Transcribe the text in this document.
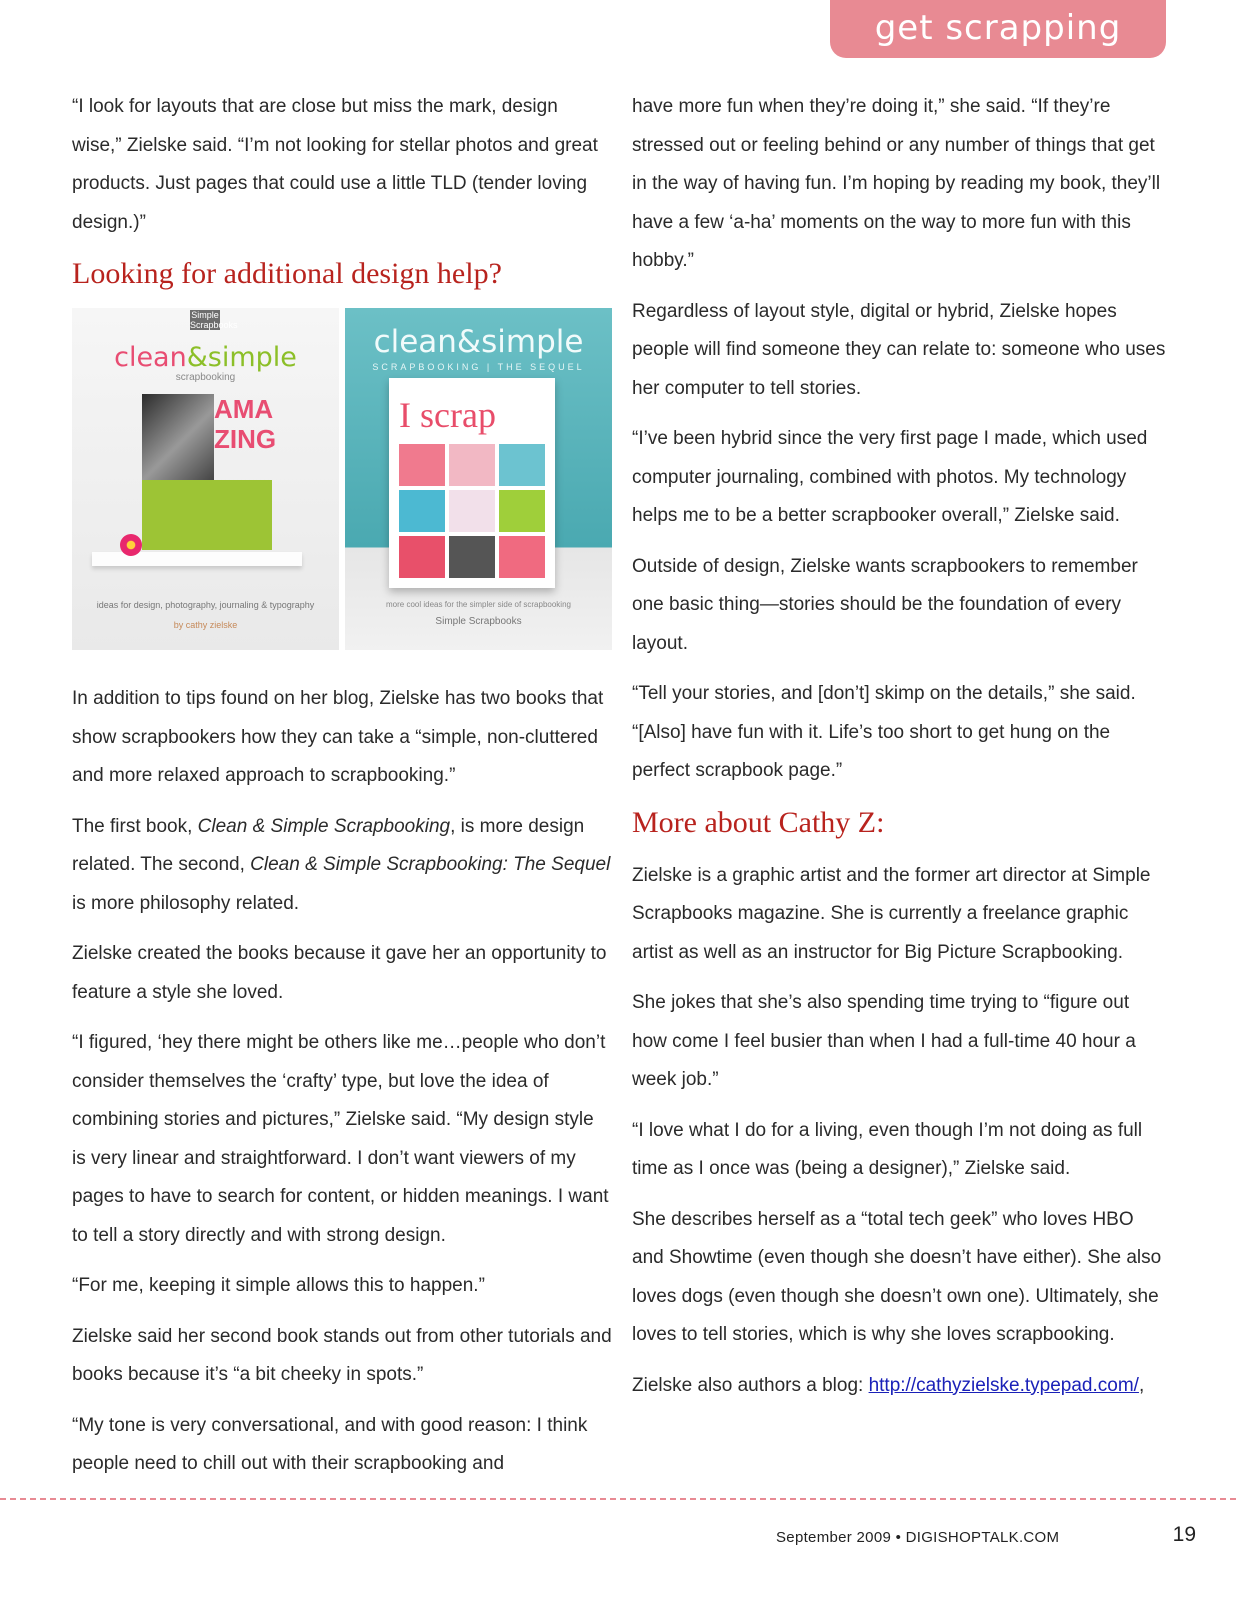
get scrapping

“I look for layouts that are close but miss the mark, design wise,” Zielske said. “I’m not looking for stellar photos and great products. Just pages that could use a little TLD (tender loving design.)”

Looking for additional design help?
Simple Scrapbooks
clean&simple
scrapbooking
AMA ZING
ideas for design, photography, journaling & typography
by cathy zielske
clean&simple
SCRAPBOOKING | THE SEQUEL
I scrap
more cool ideas for the simpler side of scrapbooking
Simple Scrapbooks

In addition to tips found on her blog, Zielske has two books that show scrapbookers how they can take a “simple, non-cluttered and more relaxed approach to scrapbooking.”

The first book, Clean & Simple Scrapbooking, is more design related. The second, Clean & Simple Scrapbooking: The Sequel is more philosophy related.

Zielske created the books because it gave her an opportunity to feature a style she loved.

“I figured, ‘hey there might be others like me…people who don’t consider themselves the ‘crafty’ type, but love the idea of combining stories and pictures,” Zielske said. “My design style is very linear and straightforward. I don’t want viewers of my pages to have to search for content, or hidden meanings. I want to tell a story directly and with strong design.

“For me, keeping it simple allows this to happen.”

Zielske said her second book stands out from other tutorials and books because it’s “a bit cheeky in spots.”

“My tone is very conversational, and with good reason: I think people need to chill out with their scrapbooking and

have more fun when they’re doing it,” she said. “If they’re stressed out or feeling behind or any number of things that get in the way of having fun. I’m hoping by reading my book, they’ll have a few ‘a-ha’ moments on the way to more fun with this hobby.”

Regardless of layout style, digital or hybrid, Zielske hopes people will find someone they can relate to: someone who uses her computer to tell stories.

“I’ve been hybrid since the very first page I made, which used computer journaling, combined with photos. My technology helps me to be a better scrapbooker overall,” Zielske said.

Outside of design, Zielske wants scrapbookers to remember one basic thing—stories should be the foundation of every layout.

“Tell your stories, and [don’t] skimp on the details,” she said. “[Also] have fun with it. Life’s too short to get hung on the perfect scrapbook page.”

More about Cathy Z:

Zielske is a graphic artist and the former art director at Simple Scrapbooks magazine. She is currently a freelance graphic artist as well as an instructor for Big Picture Scrapbooking.

She jokes that she’s also spending time trying to “figure out how come I feel busier than when I had a full-time 40 hour a week job.”

“I love what I do for a living, even though I’m not doing as full time as I once was (being a designer),” Zielske said.

She describes herself as a “total tech geek” who loves HBO and Showtime (even though she doesn’t have either). She also loves dogs (even though she doesn’t own one). Ultimately, she loves to tell stories, which is why she loves scrapbooking.

Zielske also authors a blog: http://cathyzielske.typepad.com/,

September 2009 • DIGISHOPTALK.COM	19
